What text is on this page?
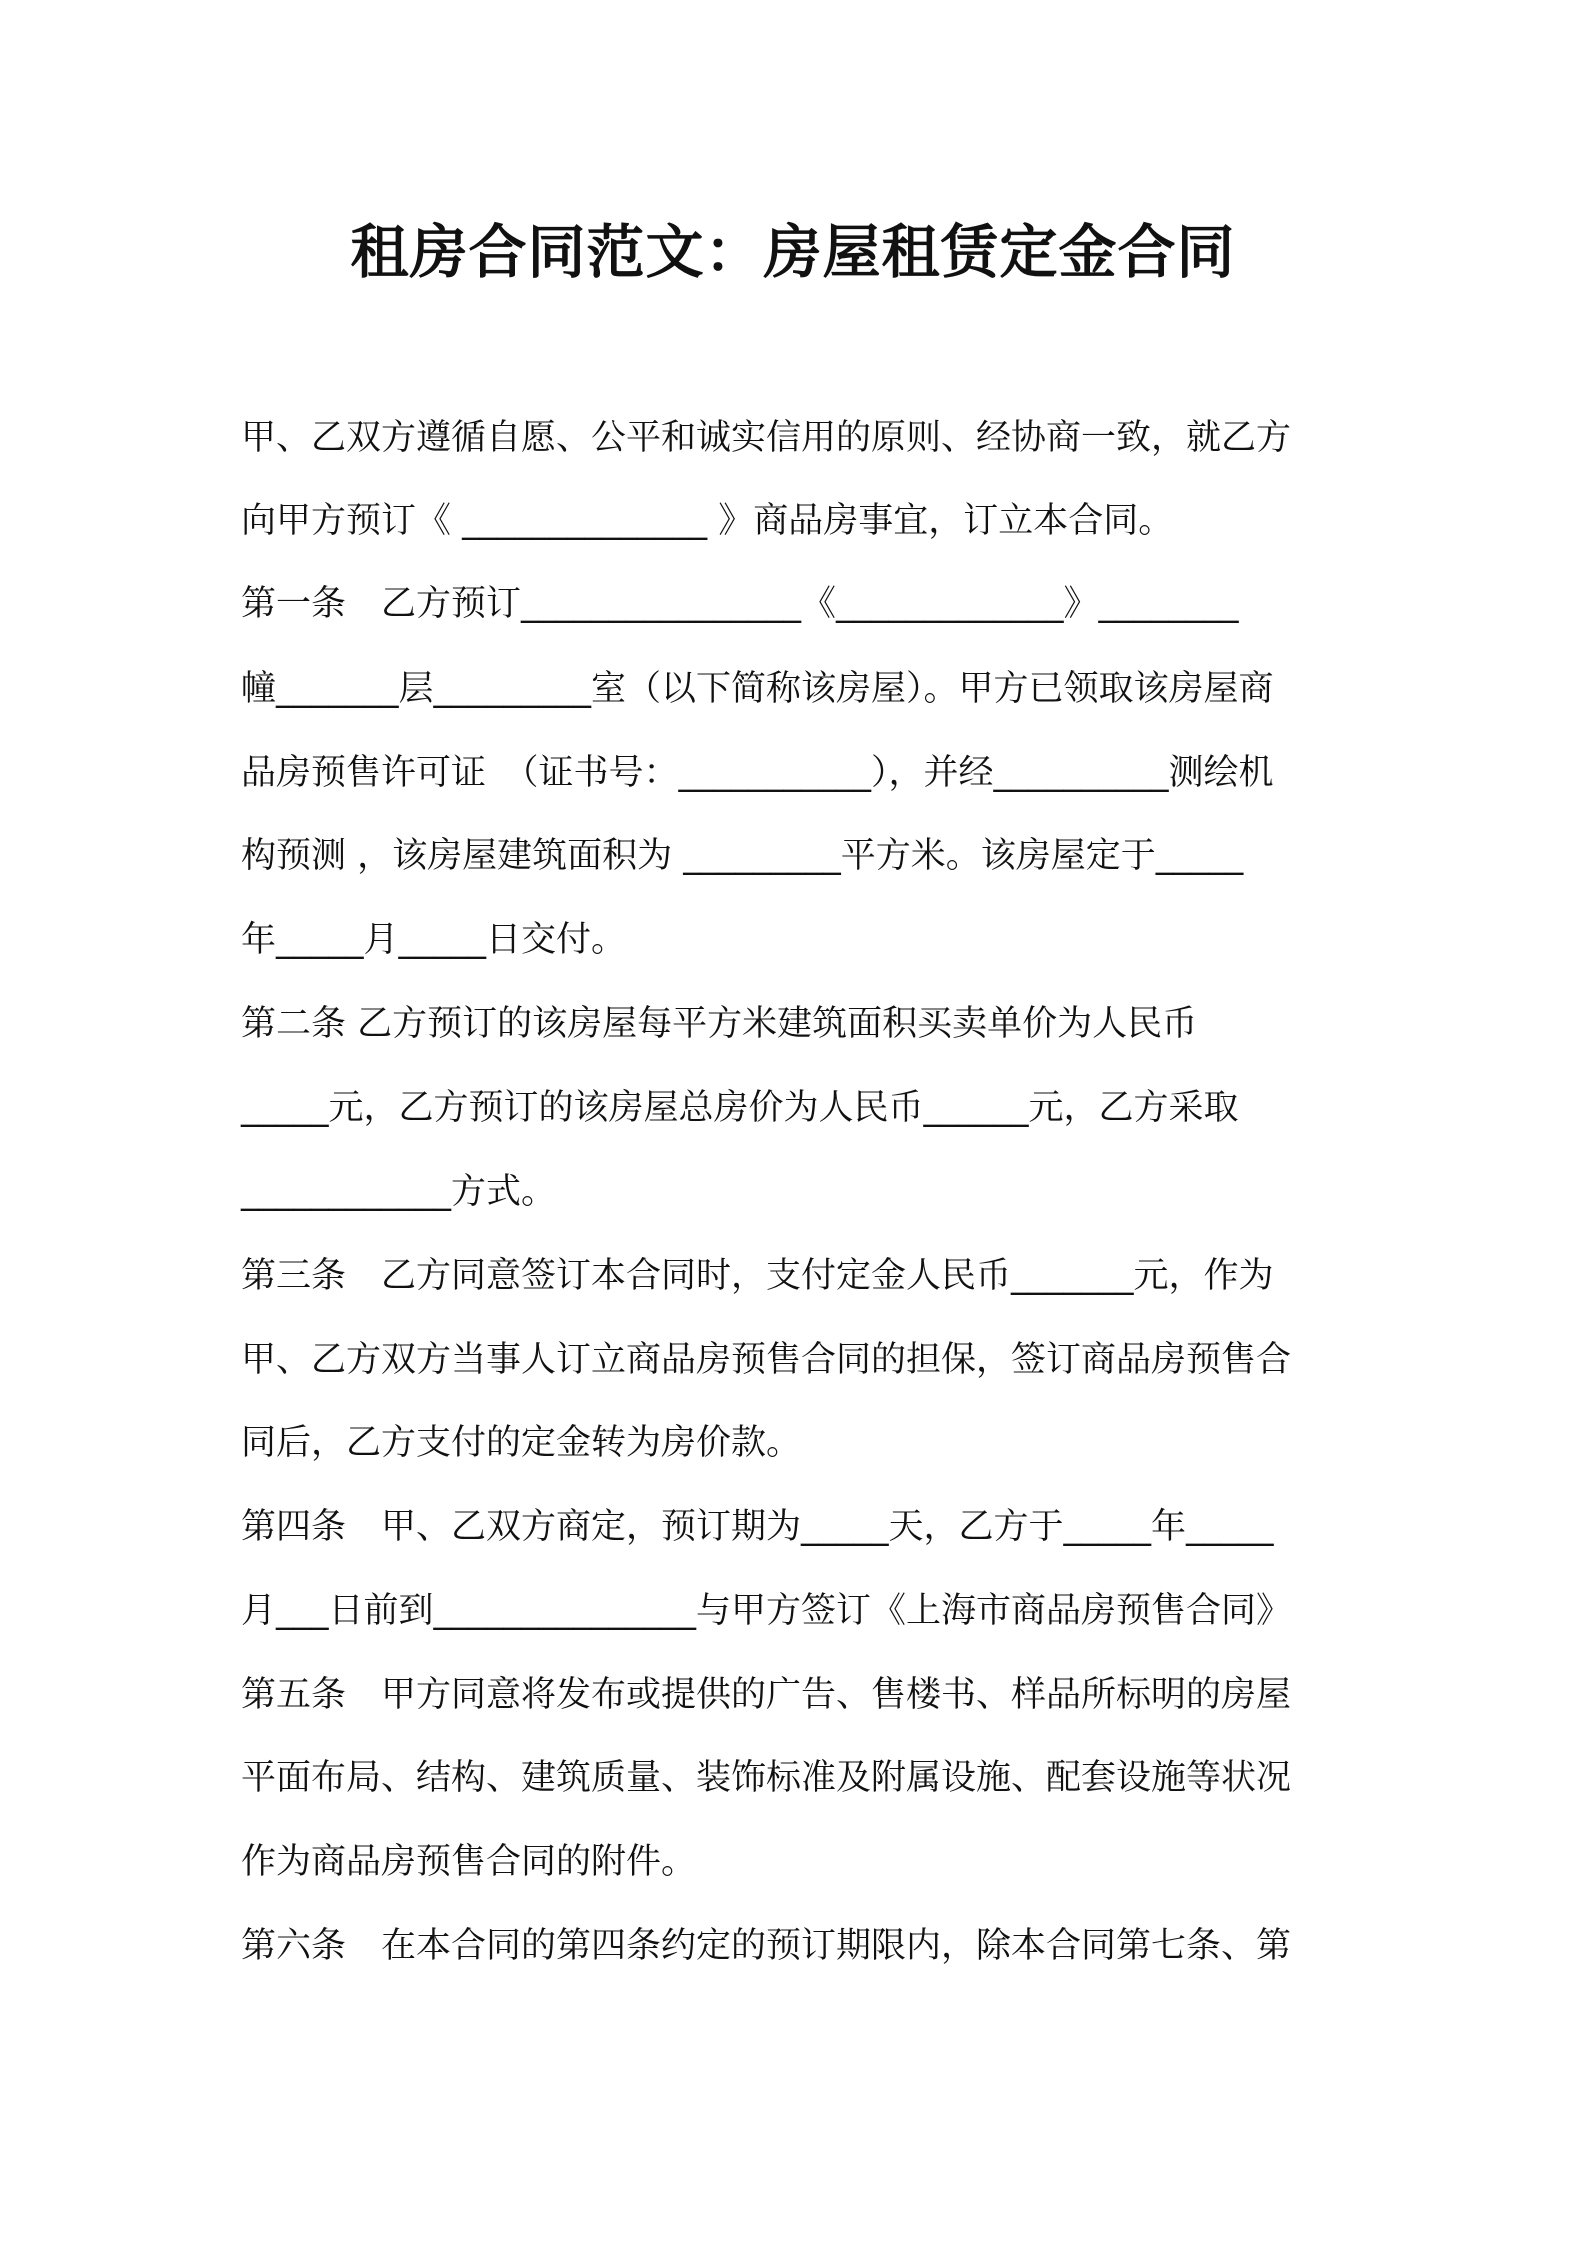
租房合同范文：房屋租赁定金合同
甲、乙双方遵循自愿、公平和诚实信用的原则、经协商一致，就乙方
向甲方预订《 ______________ 》商品房事宜，订立本合同。
第一条　乙方预订________________《_____________》________
幢_______层_________室（以下简称该房屋）。甲方已领取该房屋商
品房预售许可证　（证书号：___________），并经__________测绘机
构预测 ，该房屋建筑面积为 _________平方米。该房屋定于_____
年_____月_____日交付。
第二条 乙方预订的该房屋每平方米建筑面积买卖单价为人民币
_____元，乙方预订的该房屋总房价为人民币______元，乙方采取
____________方式。
第三条　乙方同意签订本合同时，支付定金人民币_______元，作为
甲、乙方双方当事人订立商品房预售合同的担保，签订商品房预售合
同后，乙方支付的定金转为房价款。
第四条　甲、乙双方商定，预订期为_____天，乙方于_____年_____
月___日前到_______________与甲方签订《上海市商品房预售合同》
第五条　甲方同意将发布或提供的广告、售楼书、样品所标明的房屋
平面布局、结构、建筑质量、装饰标准及附属设施、配套设施等状况
作为商品房预售合同的附件。
第六条　在本合同的第四条约定的预订期限内，除本合同第七条、第
